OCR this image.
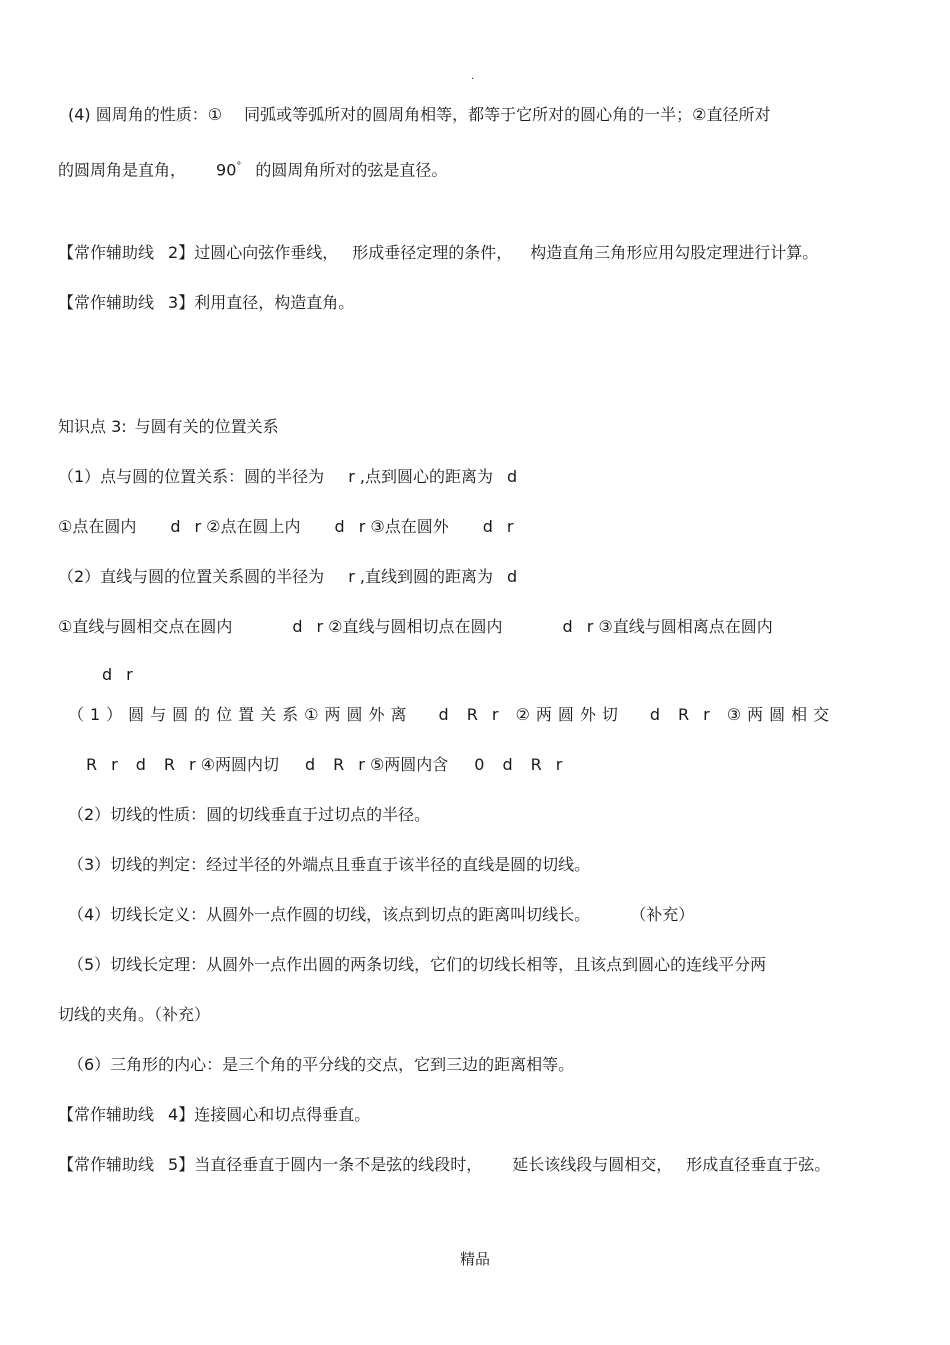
·
(4) 圆周角的性质：① 同弧或等弧所对的圆周角相等，都等于它所对的圆心角的一半；②直径所对
的圆周角是直角， 90° 的圆周角所对的弦是直径。
【常作辅助线 2】过圆心向弦作垂线， 形成垂径定理的条件， 构造直角三角形应用勾股定理进行计算。
【常作辅助线 3】利用直径，构造直角。
知识点 3: 与圆有关的位置关系
（1）点与圆的位置关系：圆的半径为 r ,点到圆心的距离为 d
①点在圆内 d r ②点在圆上内 d r ③点在圆外 d r
（2）直线与圆的位置关系圆的半径为 r ,直线到圆的距离为 d
①直线与圆相交点在圆内	d r ②直线与圆相切点在圆内	d r ③直线与圆相离点在圆内
d r
（1）圆与圆的位置关系①两圆外离 d R r ②两圆外切 d R r ③两圆相交
R r d R r ④两圆内切 d R r ⑤两圆内含 0 d R r
（2）切线的性质：圆的切线垂直于过切点的半径。
（3）切线的判定：经过半径的外端点且垂直于该半径的直线是圆的切线。
（4）切线长定义：从圆外一点作圆的切线，该点到切点的距离叫切线长。	（补充）
（5）切线长定理：从圆外一点作出圆的两条切线，它们的切线长相等，且该点到圆心的连线平分两
切线的夹角。（补充）
（6）三角形的内心：是三个角的平分线的交点，它到三边的距离相等。
【常作辅助线 4】连接圆心和切点得垂直。
【常作辅助线 5】当直径垂直于圆内一条不是弦的线段时， 延长该线段与圆相交， 形成直径垂直于弦。
精品
